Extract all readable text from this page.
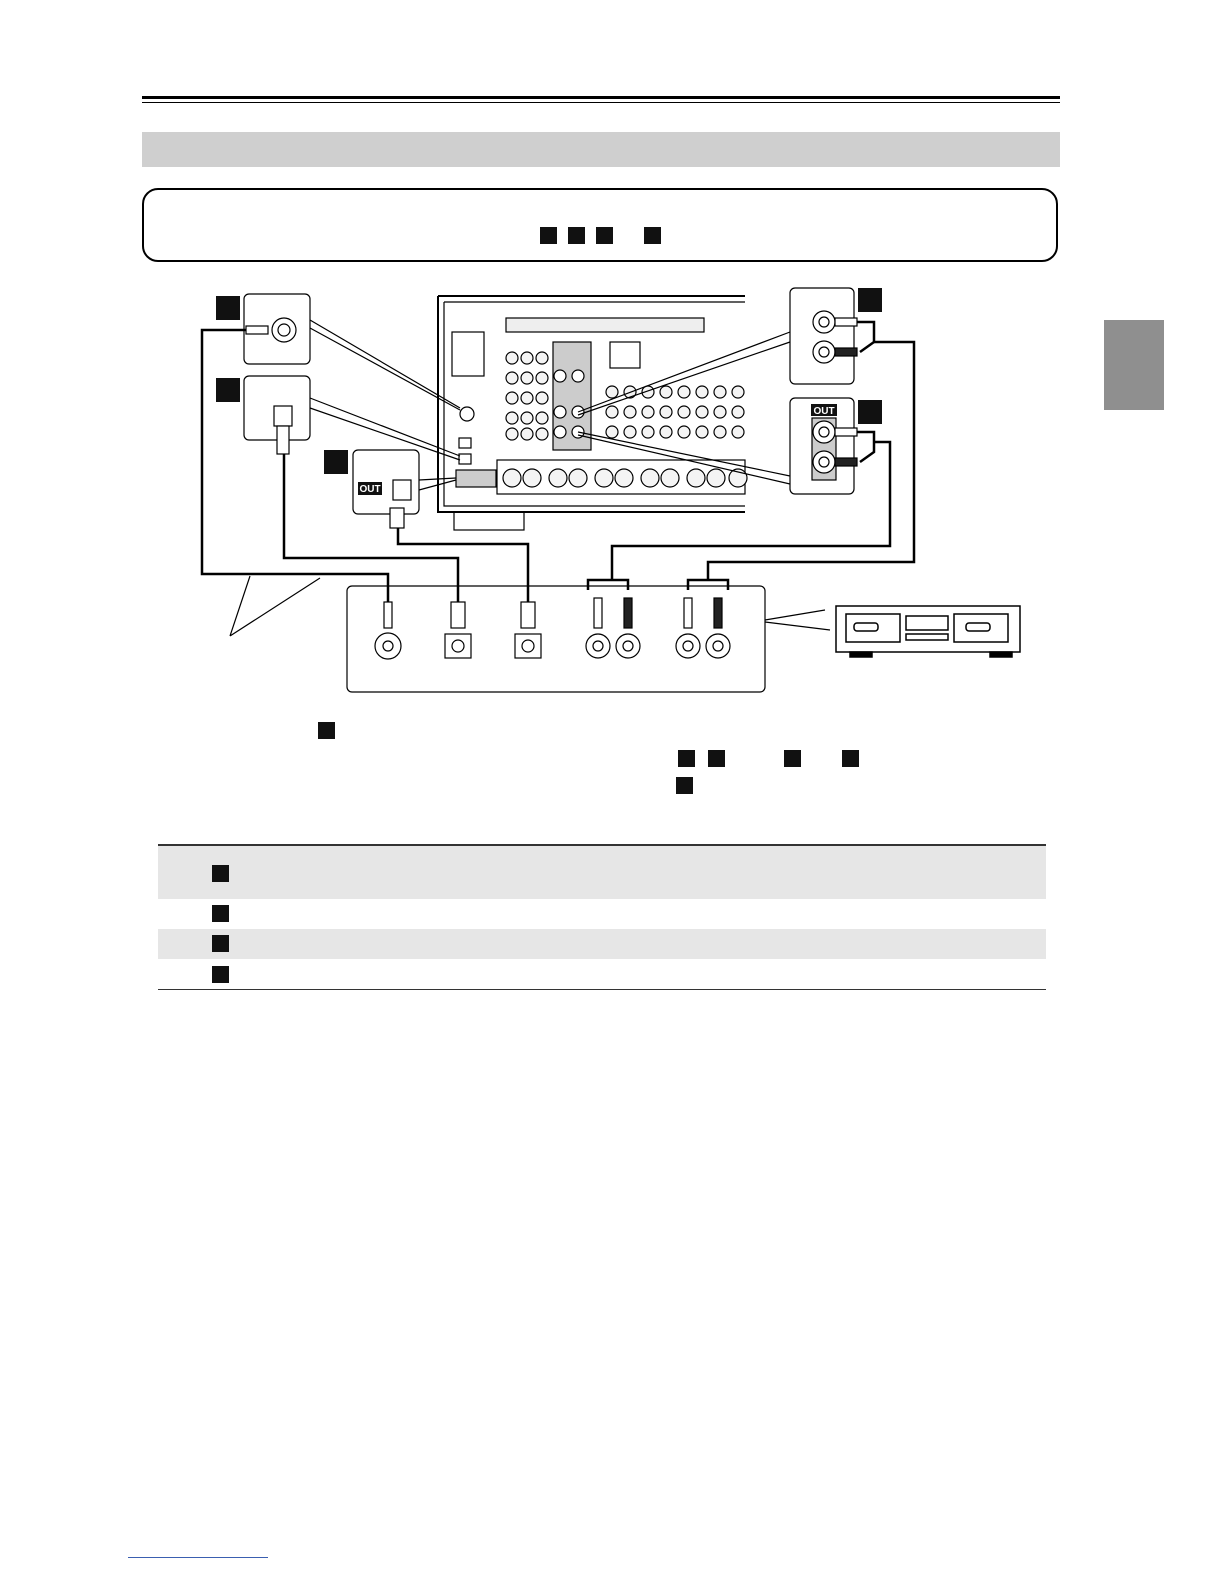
OUT
OUT
